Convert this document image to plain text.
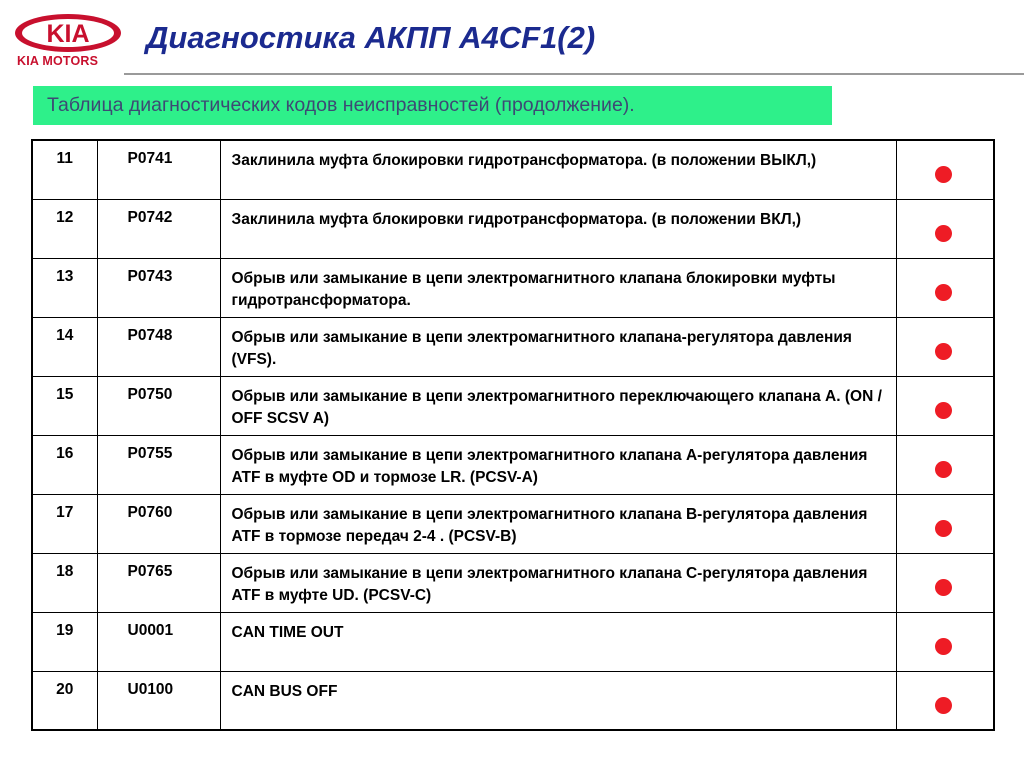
KIA
KIA MOTORS
Диагностика АКПП A4CF1(2)
Таблица диагностических кодов неисправностей (продолжение).
11	P0741	Заклинила муфта блокировки гидротрансформатора. (в положении ВЫКЛ,)	

12	P0742	Заклинила муфта блокировки гидротрансформатора. (в положении ВКЛ,)	

13	P0743	Обрыв или замыкание в цепи электромагнитного клапана блокировки муфты гидротрансформатора.	

14	P0748	Обрыв или замыкание в цепи электромагнитного клапана-регулятора давления (VFS).	

15	P0750	Обрыв или замыкание в цепи электромагнитного переключающего клапана А. (ON / OFF SCSV A)	

16	P0755	Обрыв или замыкание в цепи электромагнитного клапана А-регулятора давления ATF в муфте OD и тормозе LR. (PCSV-A)	

17	P0760	Обрыв или замыкание в цепи электромагнитного клапана В-регулятора давления ATF в тормозе передач 2-4 . (PCSV-B)	

18	P0765	Обрыв или замыкание в цепи электромагнитного клапана С-регулятора давления ATF в муфте UD. (PCSV-C)	

19	U0001	CAN TIME OUT	

20	U0100	CAN BUS OFF	
